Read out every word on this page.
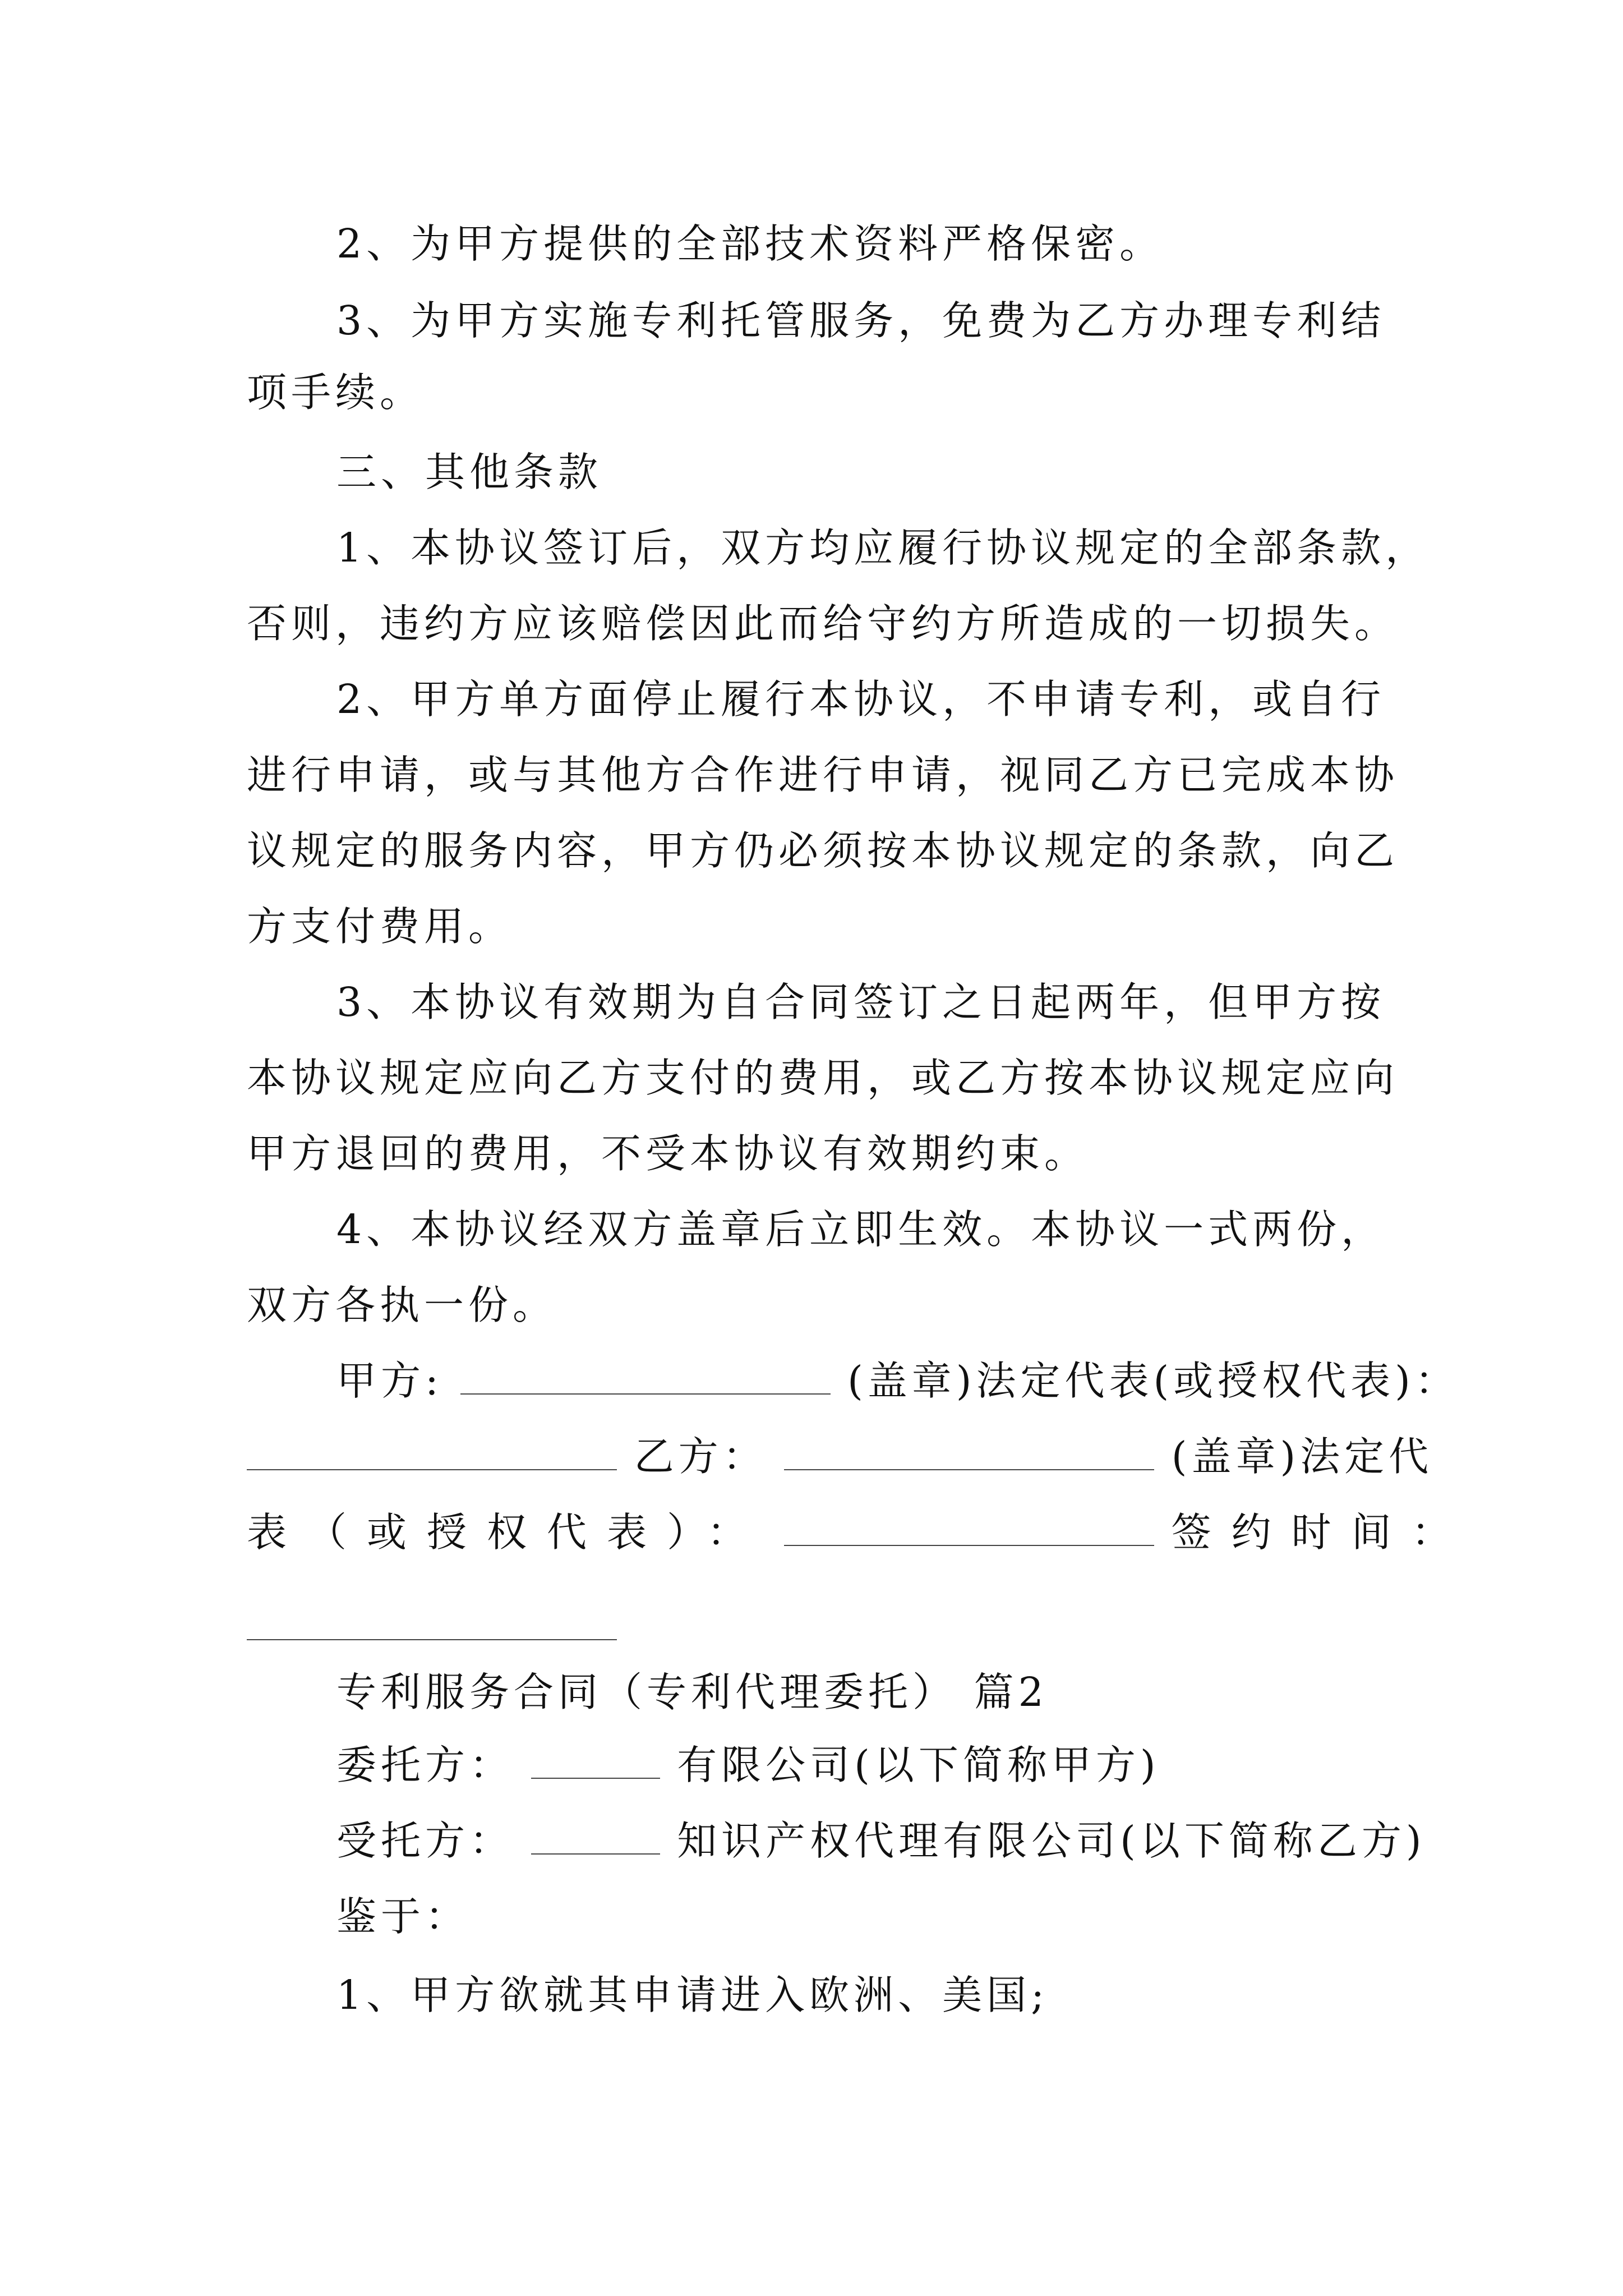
2、为甲方提供的全部技术资料严格保密。
3、为甲方实施专利托管服务，免费为乙方办理专利结
项手续。
三、其他条款
1、本协议签订后，双方均应履行协议规定的全部条款，
否则，违约方应该赔偿因此而给守约方所造成的一切损失。
2、甲方单方面停止履行本协议，不申请专利，或自行
进行申请，或与其他方合作进行申请，视同乙方已完成本协
议规定的服务内容，甲方仍必须按本协议规定的条款，向乙
方支付费用。
3、本协议有效期为自合同签订之日起两年，但甲方按
本协议规定应向乙方支付的费用，或乙方按本协议规定应向
甲方退回的费用，不受本协议有效期约束。
4、本协议经双方盖章后立即生效。本协议一式两份，
双方各执一份。
甲方:	(盖章)法定代表(或授权代表)：
乙方：	(盖章)法定代
表（或授权代表）：	签约时间：
专利服务合同（专利代理委托） 篇2
委托方：	有限公司(以下简称甲方)
受托方：	知识产权代理有限公司(以下简称乙方)
鉴于：
1、甲方欲就其申请进入欧洲、美国;
